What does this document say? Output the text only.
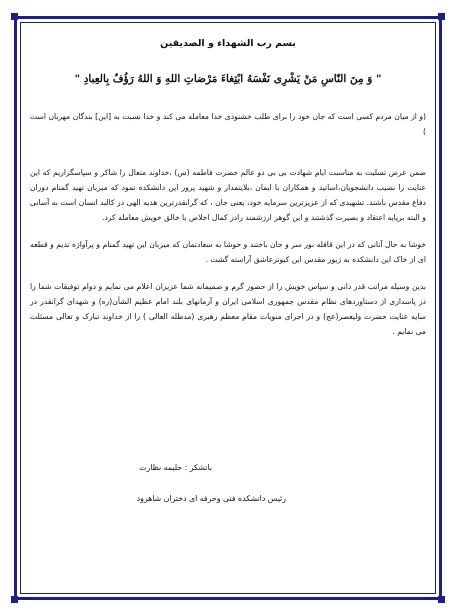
بسم رب الشهداء و الصدیقین

" وَ مِنَ النّاسِ مَنْ يَشْرِی نَفْسَهُ ابْتِغاءَ مَرْضاتِ اللهِ وَ اللهُ رَؤُفٌ بِالعِبادِ "

(و از میان مردم کسی است که جان خود را برای طلب خشنودی خدا معامله می کند و خدا نسبت به [این] بندگان مهربان است )

ضمن عرض تسلیت به مناسبت ایام شهادت بی بی دو عالم حضرت فاطمه (س) ،خداوند متعال را شاکر و سپاسگزاریم که این عنایت را نصیب دانشجویان،اساتید و همکاران با ایمان ،بلایتمدار و شهید پرور این دانشکده نمود که میزبان تهید گمنام دوران دفاع مقدس باشند. تشهیدی که از عزیزترین سرمایه خود، یعنی جان ، که گرانقدرترین هدیه الهی در کالبد انسان است به آسانی و البته برپایه اعتقاد و بصیرت گذشتند و این گوهر ارزشمند رادر کمال اخلاص با خالق خویش معامله کرد.

خوشا به حال آنانی که در این قافله نور سر و جان باختند و خوشا به سعادتمان که میزبان این تهید گمنام و پرآوازه تدیم و قطعه ای از خاک این دانشکده به زیور مقدس این کبوترعاشق آراسته گشت .

بدین وسیله مراتب قدر دانی و سپاس خویش را از حضور گرم و صمیمانه شما عزیزان اعلام می نمایم و دوام توفیقات شما را در پاسداری از دستاوردهای نظام مقدس جمهوری اسلامی ایران و آرمانهای بلند امام عظیم الشأن(ره) و شهدای گرانقدر در سایه عنایت حضرت ولیعصر(عج) و در اجرای منویات مقام معظم رهبری (مدظله العالی ) را از خداوند تبارک و تعالی مسئلت می نمایم .

باتشکر : حلیمه نظارت
رئیس دانشکده فنی وحرفه ای دختران شاهرود
